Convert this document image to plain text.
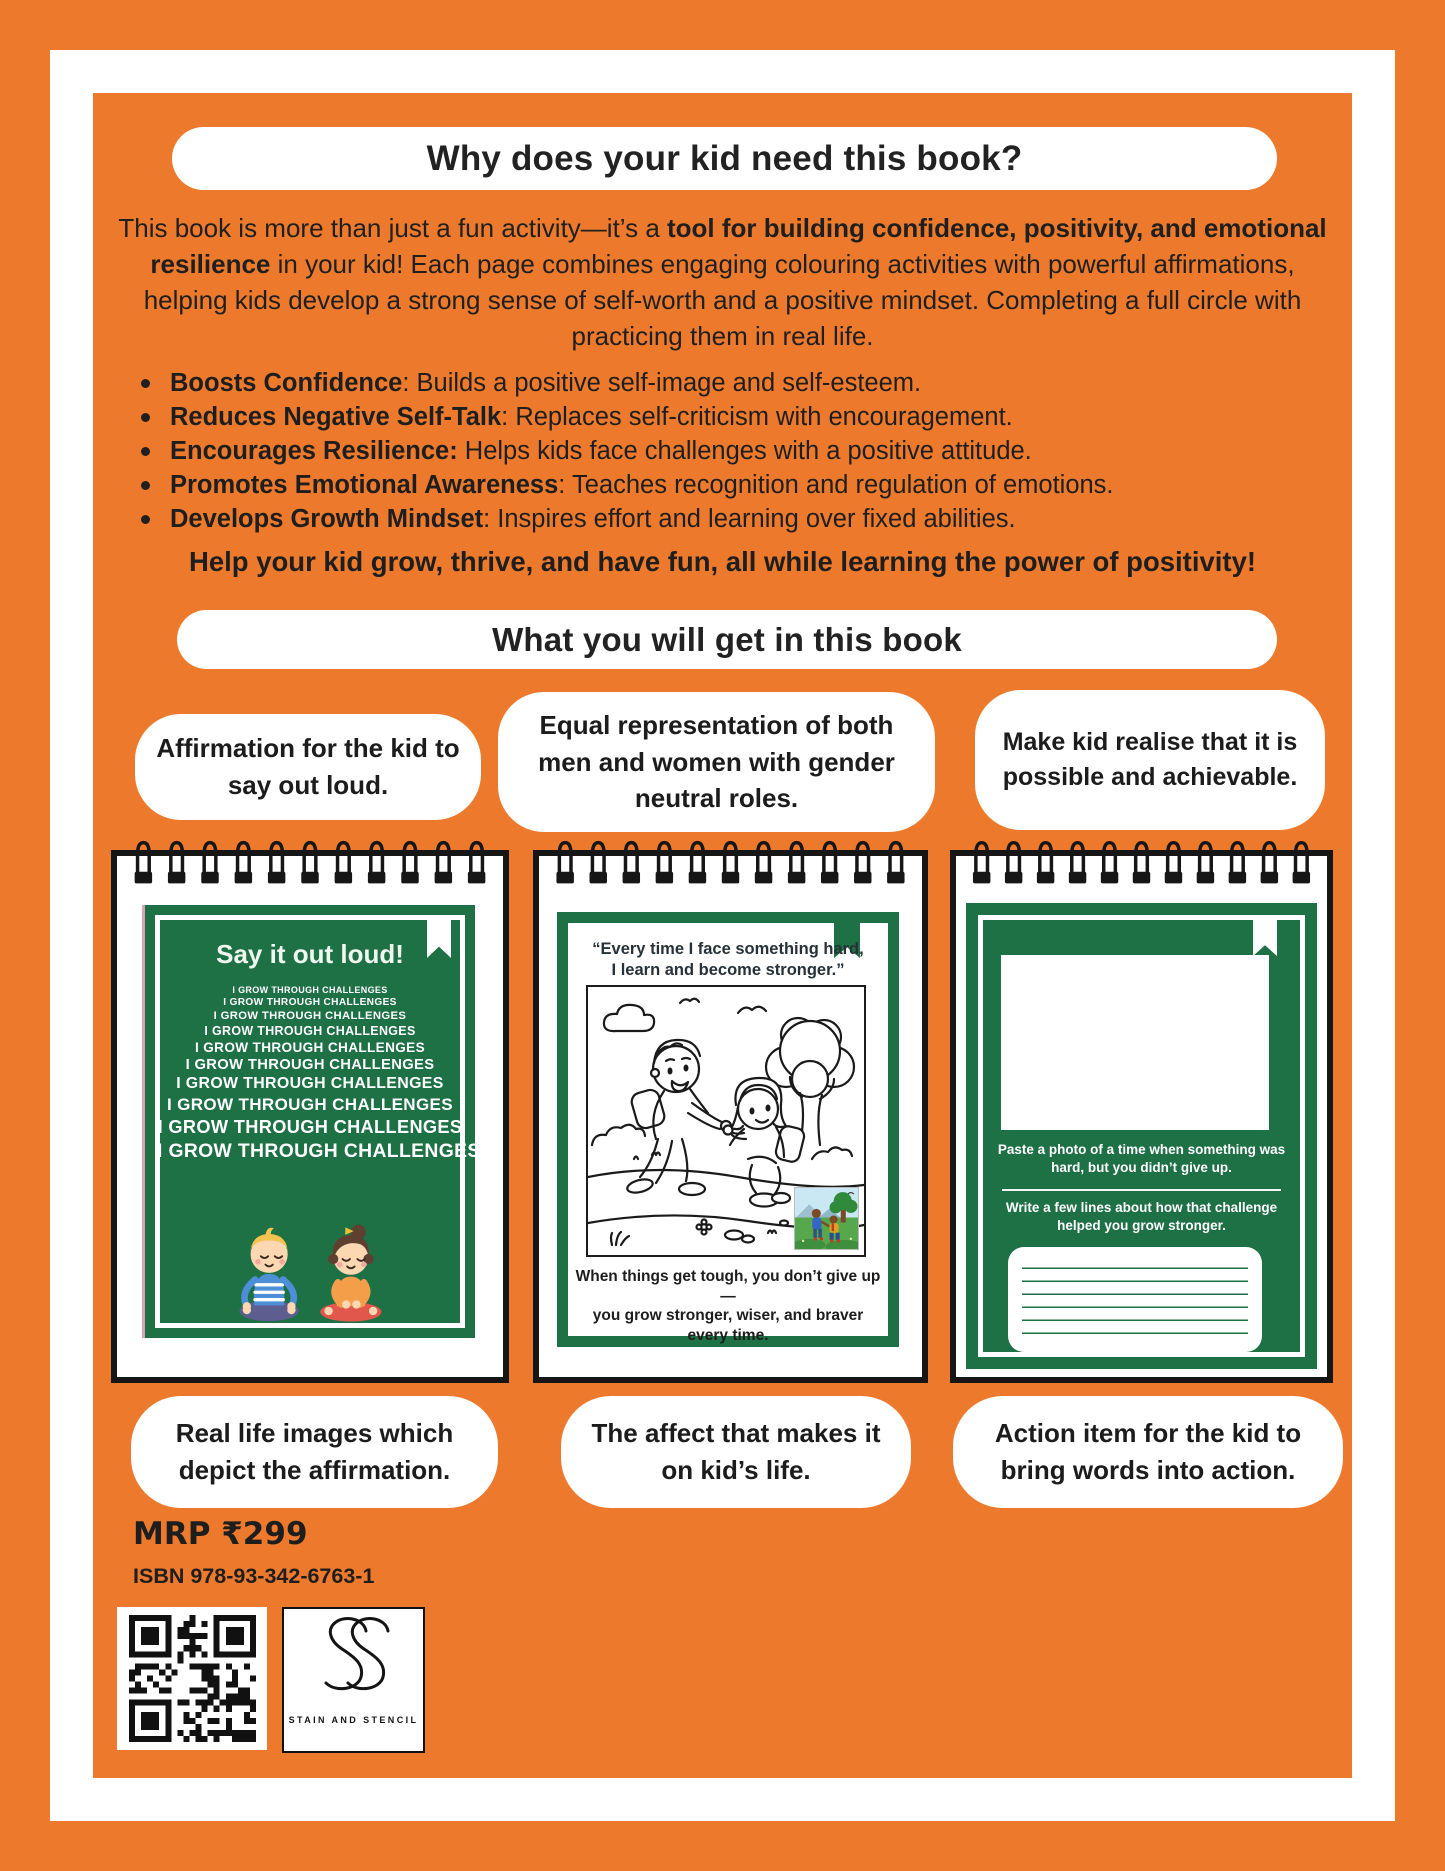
Why does your kid need this book?

This book is more than just a fun activity—it’s a tool for building confidence, positivity, and emotional resilience in your kid! Each page combines engaging colouring activities with powerful affirmations, helping kids develop a strong sense of self-worth and a positive mindset. Completing a full circle with practicing them in real life.

Boosts Confidence: Builds a positive self-image and self-esteem.
Reduces Negative Self-Talk: Replaces self-criticism with encouragement.
Encourages Resilience: Helps kids face challenges with a positive attitude.
Promotes Emotional Awareness: Teaches recognition and regulation of emotions.
Develops Growth Mindset: Inspires effort and learning over fixed abilities.
Help your kid grow, thrive, and have fun, all while learning the power of positivity!
What you will get in this book
Affirmation for the kid to say out loud.
Equal representation of both men and women with gender neutral roles.
Make kid realise that it is possible and achievable.
Say it out loud!
I GROW THROUGH CHALLENGES
I GROW THROUGH CHALLENGES
I GROW THROUGH CHALLENGES
I GROW THROUGH CHALLENGES
I GROW THROUGH CHALLENGES
I GROW THROUGH CHALLENGES
I GROW THROUGH CHALLENGES
I GROW THROUGH CHALLENGES
I GROW THROUGH CHALLENGES
I GROW THROUGH CHALLENGES
“Every time I face something hard,
I learn and become stronger.”
When things get tough, you don’t give up—
you grow stronger, wiser, and braver
every time.
Paste a photo of a time when something was
hard, but you didn’t give up.
Write a few lines about how that challenge
helped you grow stronger.
Real life images which depict the affirmation.
The affect that makes it on kid’s life.
Action item for the kid to bring words into action.
MRP ₹299
ISBN 978-93-342-6763-1
STAIN AND STENCIL
